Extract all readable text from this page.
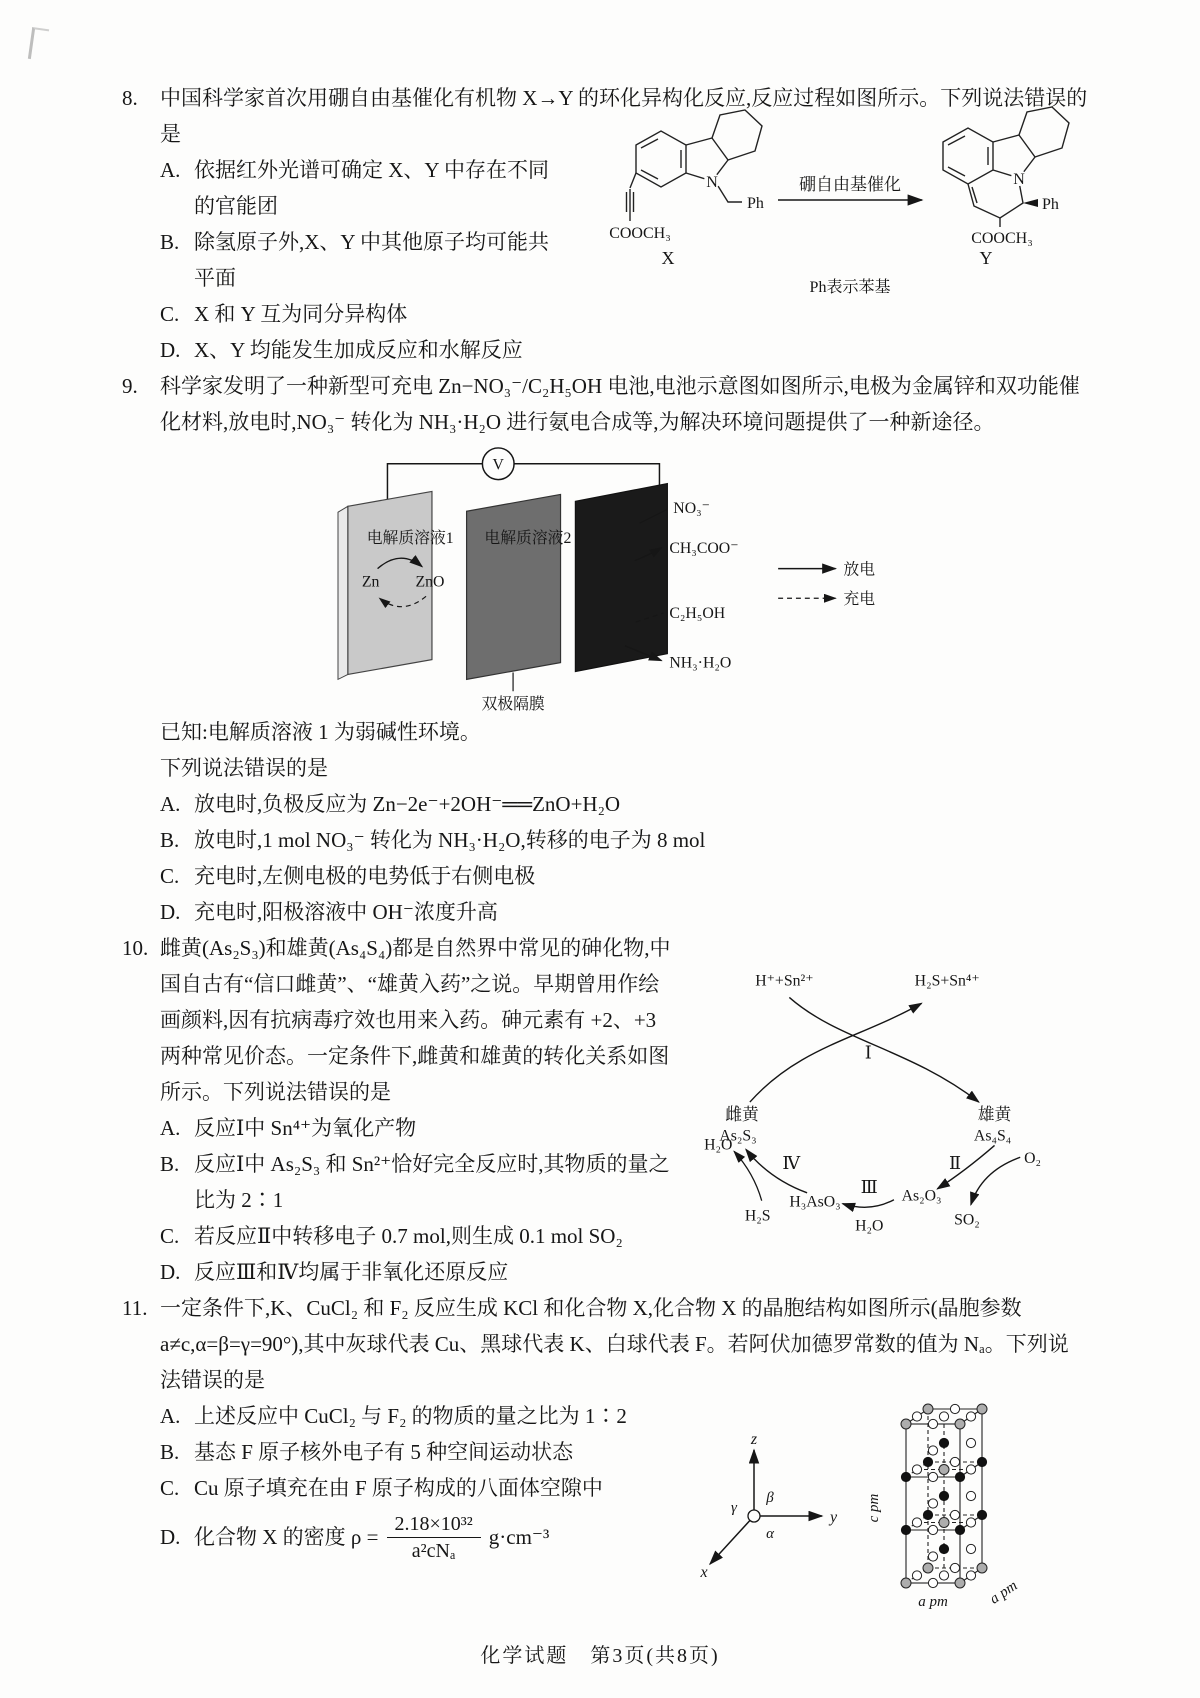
8. 中国科学家首次用硼自由基催化有机物 X→Y 的环化异构化反应,反应过程如图所示。下列说法错误的是
A. 依据红外光谱可确定 X、Y 中存在不同的官能团
B. 除氢原子外,X、Y 中其他原子均可能共平面
C. X 和 Y 互为同分异构体
D. X、Y 均能发生加成反应和水解反应
N
Ph
COOCH₃
X
硼自由基催化
Ph表示苯基
N
Ph
COOCH₃
Y
9. 科学家发明了一种新型可充电 Zn−NO₃⁻/C₂H₅OH 电池,电池示意图如图所示,电极为金属锌和双功能催化材料,放电时,NO₃⁻ 转化为 NH₃·H₂O 进行氨电合成等,为解决环境问题提供了一种新途径。
V
电解质溶液1 电解质溶液2
Zn ZnO
NO₃⁻
CH₃COO⁻
C₂H₅OH
NH₃·H₂O
双极隔膜
放电
充电
已知:电解质溶液 1 为弱碱性环境。
下列说法错误的是
A. 放电时,负极反应为 Zn−2e⁻+2OH⁻══ZnO+H₂O
B. 放电时,1 mol NO₃⁻ 转化为 NH₃·H₂O,转移的电子为 8 mol
C. 充电时,左侧电极的电势低于右侧电极
D. 充电时,阳极溶液中 OH⁻浓度升高
H⁺+Sn²⁺	H₂S+Sn⁴⁺
Ⅰ
雌黄
As₂S₃
雄黄
As₄S₄
Ⅱ	O₂
SO₂
As₂O₃
Ⅲ
H₂O
H₃AsO₃
Ⅳ
H₂O
H₂S
10. 雌黄(As₂S₃)和雄黄(As₄S₄)都是自然界中常见的砷化物,中国自古有“信口雌黄”、“雄黄入药”之说。早期曾用作绘画颜料,因有抗病毒疗效也用来入药。砷元素有 +2、+3 两种常见价态。一定条件下,雌黄和雄黄的转化关系如图所示。下列说法错误的是
A. 反应Ⅰ中 Sn⁴⁺为氧化产物
B. 反应Ⅰ中 As₂S₃ 和 Sn²⁺恰好完全反应时,其物质的量之比为 2∶1
C. 若反应Ⅱ中转移电子 0.7 mol,则生成 0.1 mol SO₂
D. 反应Ⅲ和Ⅳ均属于非氧化还原反应
11. 一定条件下,K、CuCl₂ 和 F₂ 反应生成 KCl 和化合物 X,化合物 X 的晶胞结构如图所示(晶胞参数 a≠c,α=β=γ=90°),其中灰球代表 Cu、黑球代表 K、白球代表 F。若阿伏加德罗常数的值为 Nₐ。下列说法错误的是
A. 上述反应中 CuCl₂ 与 F₂ 的物质的量之比为 1∶2
B. 基态 F 原子核外电子有 5 种空间运动状态
C. Cu 原子填充在由 F 原子构成的八面体空隙中
D. 化合物 X 的密度 $\rho = \frac{\text{2.18×10³²}}{\text{a²cNₐ}} g\cdot cm^{-3}$
z
y
x
γ
β
α
c pm
a pm	a pm
化学试题　第3页(共8页)
